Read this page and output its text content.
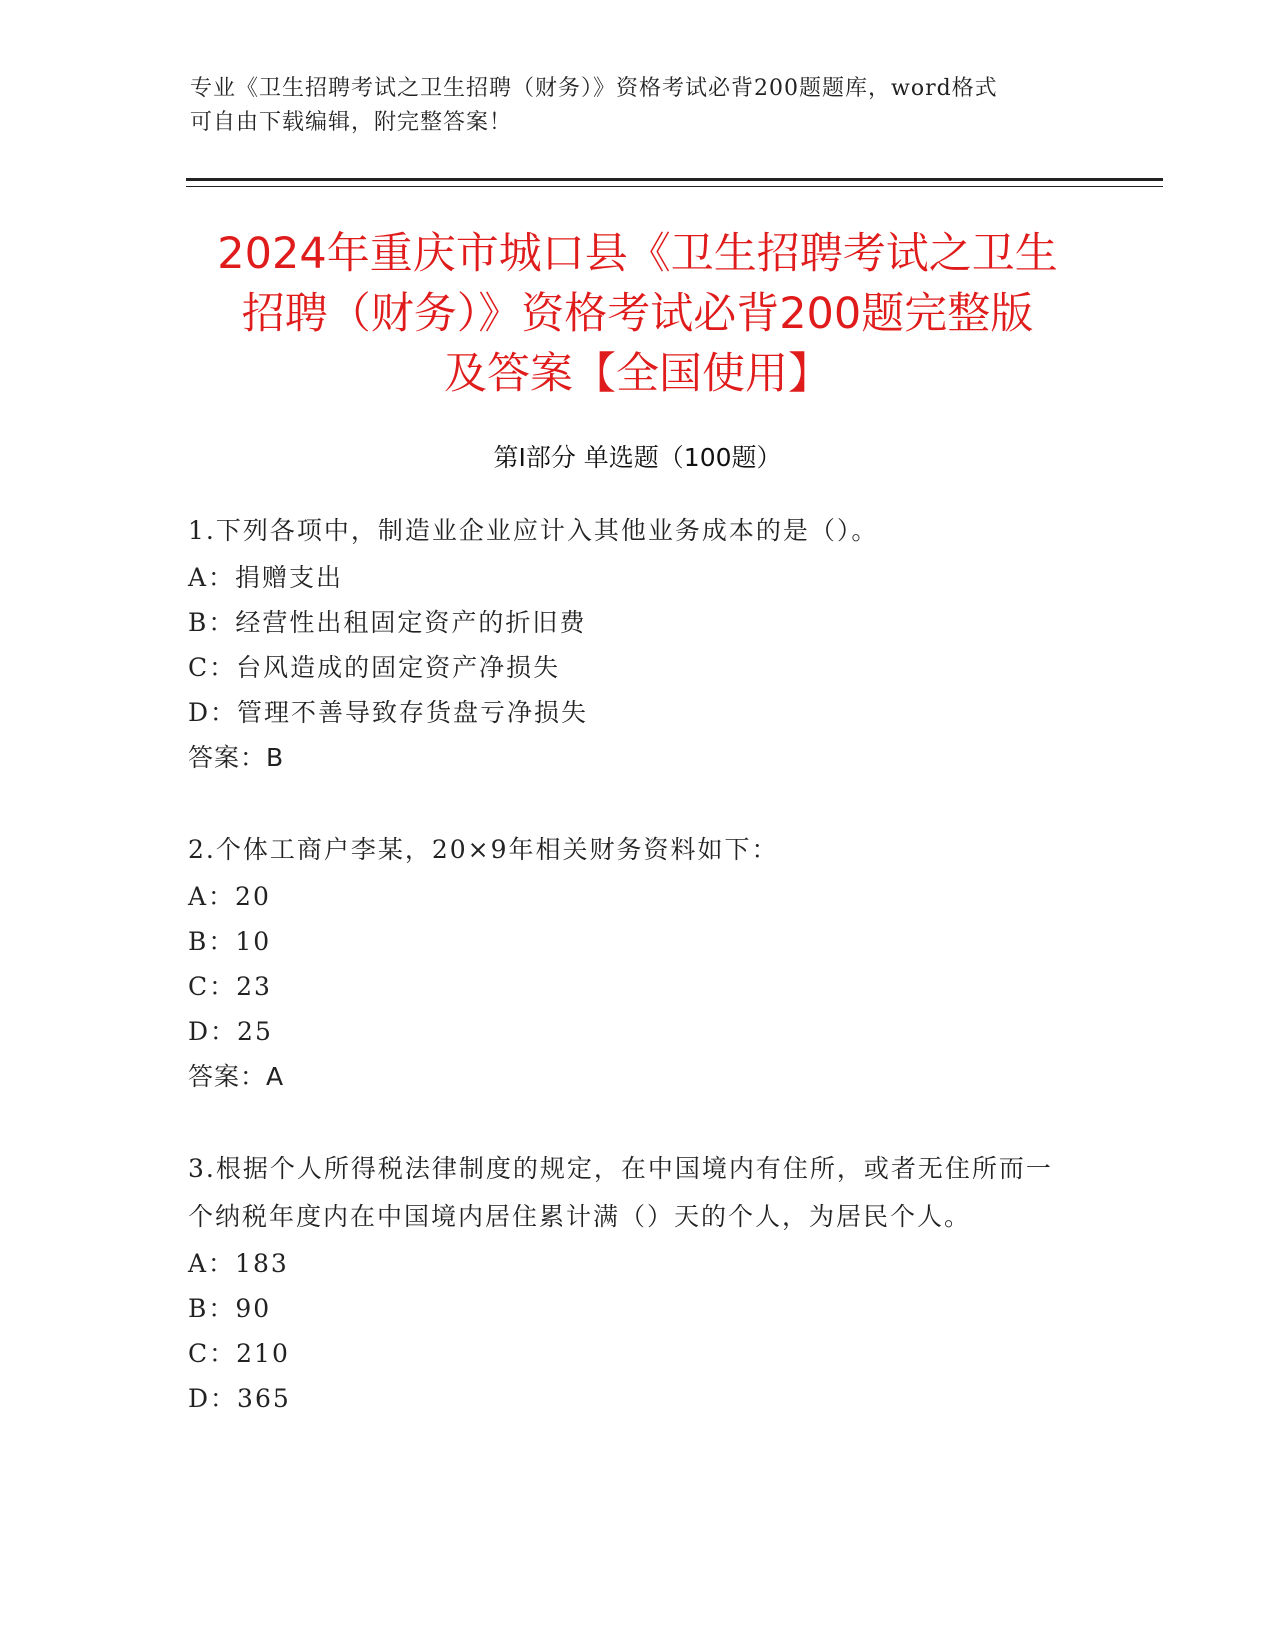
专业《卫生招聘考试之卫生招聘（财务）》资格考试必背200题题库，word格式
可自由下载编辑，附完整答案！
2024年重庆市城口县《卫生招聘考试之卫生
招聘（财务）》资格考试必背200题完整版
及答案【全国使用】
第Ⅰ部分 单选题（100题）
1.下列各项中，制造业企业应计入其他业务成本的是（）。
A：捐赠支出
B：经营性出租固定资产的折旧费
C：台风造成的固定资产净损失
D：管理不善导致存货盘亏净损失
答案：B
2.个体工商户李某，20×9年相关财务资料如下：
A：20
B：10
C：23
D：25
答案：A
3.根据个人所得税法律制度的规定，在中国境内有住所，或者无住所而一个纳税年度内在中国境内居住累计满（）天的个人，为居民个人。
A：183
B：90
C：210
D：365
